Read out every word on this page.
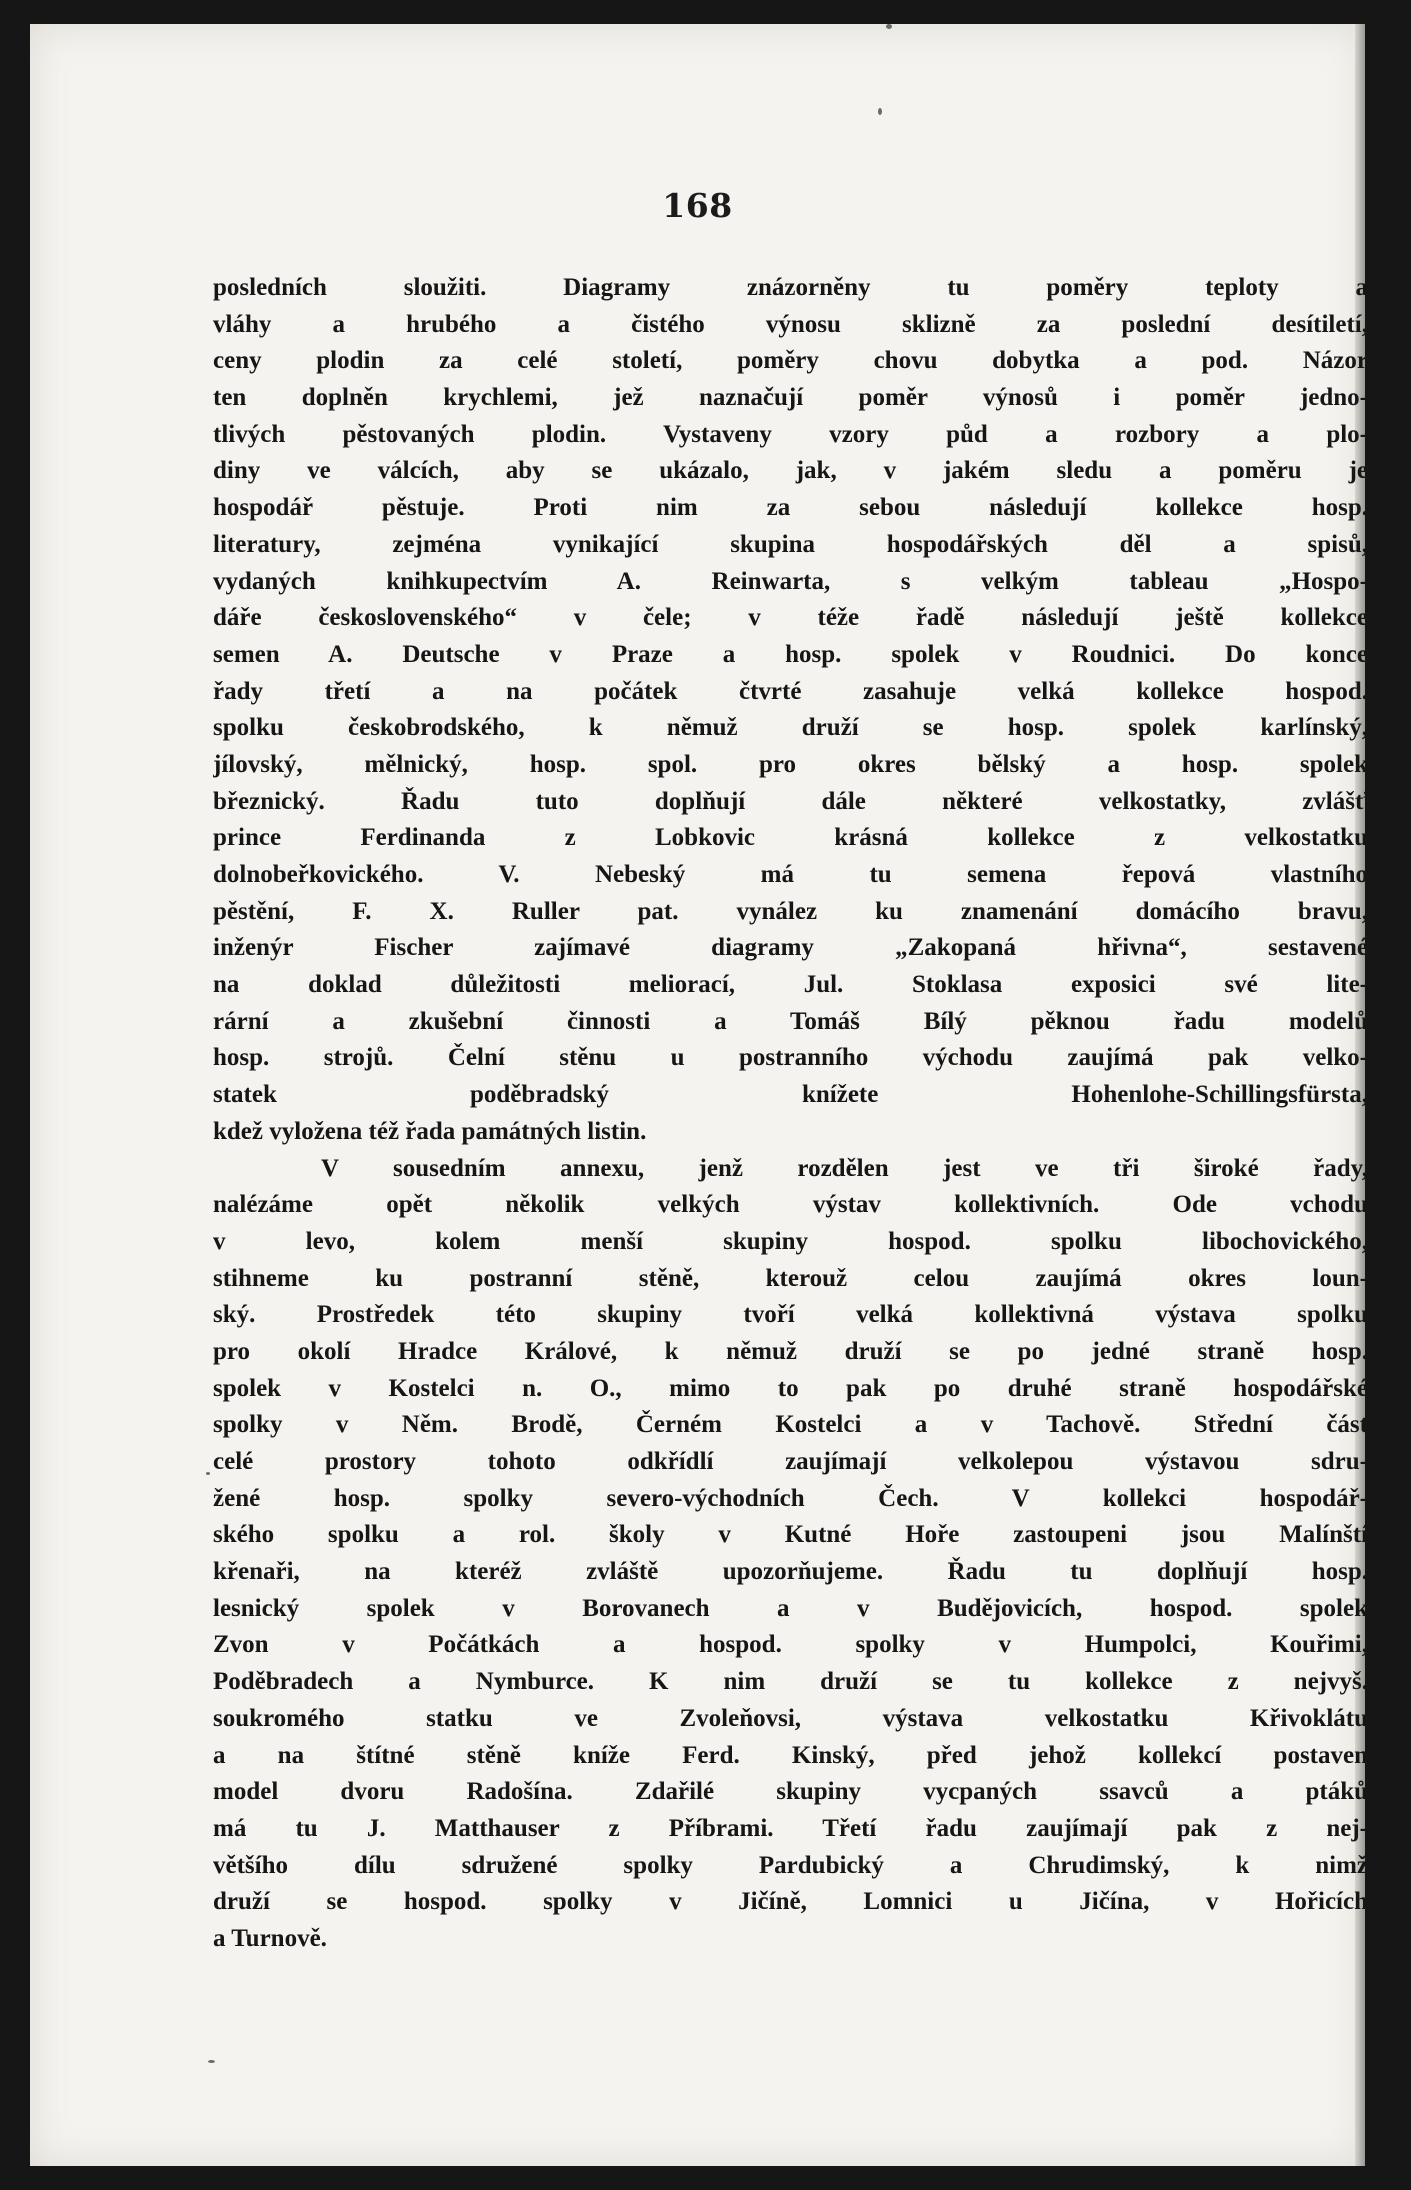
168
posledních sloužiti. Diagramy znázorněny tu poměry teploty a
vláhy a hrubého a čistého výnosu sklizně za poslední desítiletí,
ceny plodin za celé století, poměry chovu dobytka a pod. Názor
ten doplněn krychlemi, jež naznačují poměr výnosů i poměr jedno-
tlivých pěstovaných plodin. Vystaveny vzory půd a rozbory a plo-
diny ve válcích, aby se ukázalo, jak, v jakém sledu a poměru je
hospodář pěstuje. Proti nim za sebou následují kollekce hosp.
literatury, zejména vynikající skupina hospodářských děl a spisů,
vydaných knihkupectvím A. Reinwarta, s velkým tableau „Hospo-
dáře československého“ v čele; v téže řadě následují ještě kollekce
semen A. Deutsche v Praze a hosp. spolek v Roudnici. Do konce
řady třetí a na počátek čtvrté zasahuje velká kollekce hospod.
spolku českobrodského, k němuž druží se hosp. spolek karlínský,
jílovský, mělnický, hosp. spol. pro okres bělský a hosp. spolek
březnický. Řadu tuto doplňují dále některé velkostatky, zvlášť
prince Ferdinanda z Lobkovic krásná kollekce z velkostatku
dolnobeřkovického. V. Nebeský má tu semena řepová vlastního
pěstění, F. X. Ruller pat. vynález ku znamenání domácího bravu,
inženýr Fischer zajímavé diagramy „Zakopaná hřivna“, sestavené
na doklad důležitosti meliorací, Jul. Stoklasa exposici své lite-
rární a zkušební činnosti a Tomáš Bílý pěknou řadu modelů
hosp. strojů. Čelní stěnu u postranního východu zaujímá pak velko-
statek poděbradský knížete Hohenlohe-Schillingsfürsta,
kdež vyložena též řada památných listin.
V sousedním annexu, jenž rozdělen jest ve tři široké řady,
nalézáme opět několik velkých výstav kollektivních. Ode vchodu
v levo, kolem menší skupiny hospod. spolku libochovického,
stihneme ku postranní stěně, kterouž celou zaujímá okres loun-
ský. Prostředek této skupiny tvoří velká kollektivná výstava spolku
pro okolí Hradce Králové, k němuž druží se po jedné straně hosp.
spolek v Kostelci n. O., mimo to pak po druhé straně hospodářské
spolky v Něm. Brodě, Černém Kostelci a v Tachově. Střední část
celé prostory tohoto odkřídlí zaujímají velkolepou výstavou sdru-
žené hosp. spolky severo-východních Čech. V kollekci hospodář-
ského spolku a rol. školy v Kutné Hoře zastoupeni jsou Malínští
křenaři, na kteréž zvláště upozorňujeme. Řadu tu doplňují hosp.
lesnický spolek v Borovanech a v Budějovicích, hospod. spolek
Zvon v Počátkách a hospod. spolky v Humpolci, Kouřimi,
Poděbradech a Nymburce. K nim druží se tu kollekce z nejvyš.
soukromého statku ve Zvoleňovsi, výstava velkostatku Křivoklátu
a na štítné stěně kníže Ferd. Kinský, před jehož kollekcí postaven
model dvoru Radošína. Zdařilé skupiny vycpaných ssavců a ptáků
má tu J. Matthauser z Příbrami. Třetí řadu zaujímají pak z nej-
většího dílu sdružené spolky Pardubický a Chrudimský, k nimž
druží se hospod. spolky v Jičíně, Lomnici u Jičína, v Hořicích
a Turnově.
